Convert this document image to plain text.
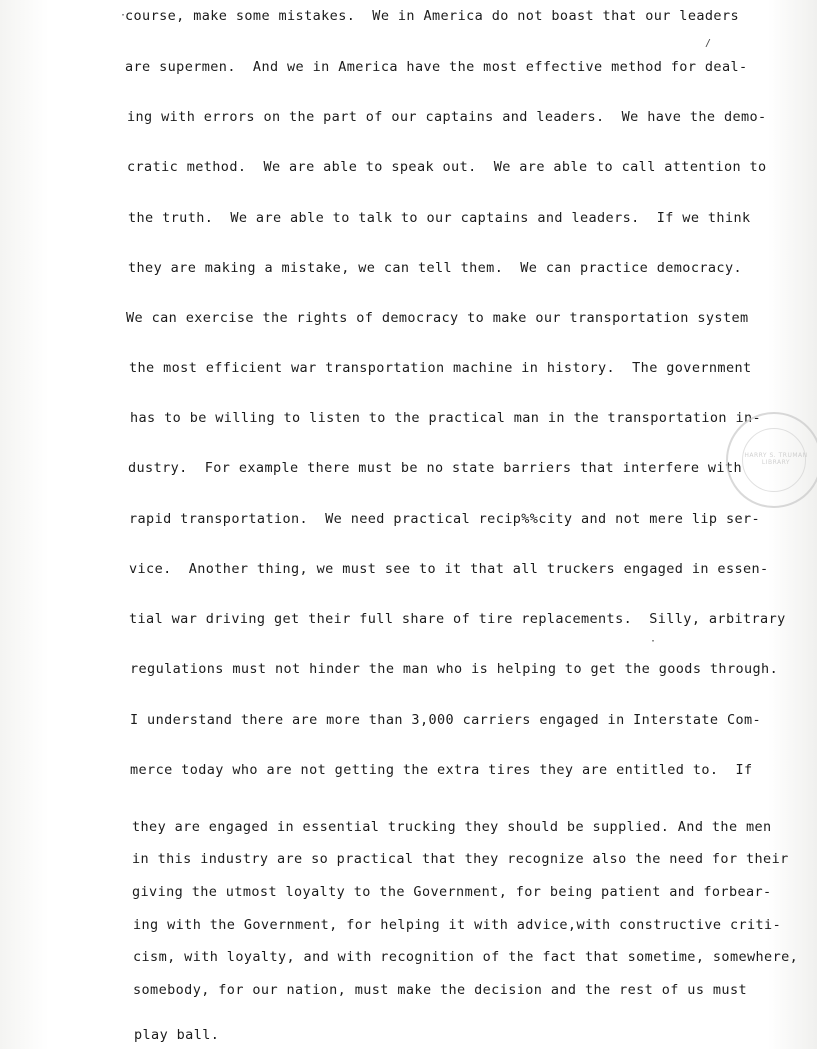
course, make some mistakes.  We in America do not boast that our leaders
are supermen.  And we in America have the most effective method for deal-
ing with errors on the part of our captains and leaders.  We have the demo-
cratic method.  We are able to speak out.  We are able to call attention to
the truth.  We are able to talk to our captains and leaders.  If we think
they are making a mistake, we can tell them.  We can practice democracy.
We can exercise the rights of democracy to make our transportation system
the most efficient war transportation machine in history.  The government
has to be willing to listen to the practical man in the transportation in-
dustry.  For example there must be no state barriers that interfere with
rapid transportation.  We need practical recip%%city and not mere lip ser-
vice.  Another thing, we must see to it that all truckers engaged in essen-
tial war driving get their full share of tire replacements.  Silly, arbitrary
regulations must not hinder the man who is helping to get the goods through.
I understand there are more than 3,000 carriers engaged in Interstate Com-
merce today who are not getting the extra tires they are entitled to.  If
they are engaged in essential trucking they should be supplied. And the men
in this industry are so practical that they recognize also the need for their
giving the utmost loyalty to the Government, for being patient and forbear-
ing with the Government, for helping it with advice,with constructive criti-
cism, with loyalty, and with recognition of the fact that sometime, somewhere,
somebody, for our nation, must make the decision and the rest of us must
play ball.
HARRY S. TRUMAN LIBRARY
·
·
/
